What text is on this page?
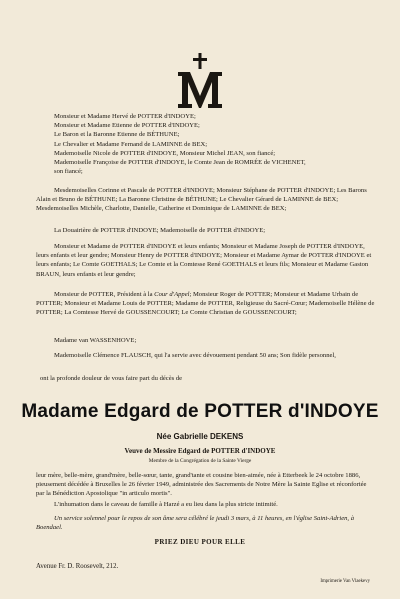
Monsieur et Madame Hervé de POTTER d'INDOYE;

Monsieur et Madame Etienne de POTTER d'INDOYE;

Le Baron et la Baronne Etienne de BÉTHUNE;

Le Chevalier et Madame Fernand de LAMINNE de BEX;

Mademoiselle Nicole de POTTER d'INDOYE, Monsieur Michel JEAN, son fiancé;

Mademoiselle Françoise de POTTER d'INDOYE, le Comte Jean de ROMRÉE de VICHENET, son fiancé;

Mesdemoiselles Corinne et Pascale de POTTER d'INDOYE; Monsieur Stéphane de POTTER d'INDOYE; Les Barons Alain et Bruno de BÉTHUNE; La Baronne Christine de BÉTHUNE; Le Chevalier Gérard de LAMINNE de BEX; Mesdemoiselles Michèle, Charlotte, Danielle, Catherine et Dominique de LAMINNE de BEX;

La Douairière de POTTER d'INDOYE; Mademoiselle de POTTER d'INDOYE;

Monsieur et Madame de POTTER d'INDOYE et leurs enfants; Monsieur et Madame Joseph de POTTER d'INDOYE, leurs enfants et leur gendre; Monsieur Henry de POTTER d'INDOYE; Monsieur et Madame Aymar de POTTER d'INDOYE et leurs enfants; Le Comte GOETHALS; Le Comte et la Comtesse René GOETHALS et leurs fils; Monsieur et Madame Gaston BRAUN, leurs enfants et leur gendre;

Monsieur de POTTER, Président à la Cour d'Appel; Monsieur Roger de POTTER; Monsieur et Madame Urbain de POTTER; Monsieur et Madame Louis de POTTER; Madame de POTTER, Religieuse du Sacré-Cœur; Mademoiselle Hélène de POTTER; La Comtesse Hervé de GOUSSENCOURT; Le Comte Christian de GOUSSENCOURT;

Madame van WASSENHOVE;

Mademoiselle Clémence FLAUSCH, qui l'a servie avec dévouement pendant 50 ans; Son fidèle personnel,

ont la profonde douleur de vous faire part du décès de

Madame Edgard de POTTER d'INDOYE
Née Gabrielle DEKENS
Veuve de Messire Edgard de POTTER d'INDOYE
Membre de la Congrégation de la Sainte Vierge

leur mère, belle-mère, grand'mère, belle-sœur, tante, grand'tante et cousine bien-aimée, née à Etterbeek le 24 octobre 1886, pieusement décédée à Bruxelles le 26 février 1949, administrée des Sacrements de Notre Mère la Sainte Eglise et réconfortée par la Bénédiction Apostolique "in articulo mortis".

L'inhumation dans le caveau de famille à Harzé a eu lieu dans la plus stricte intimité.

Un service solennel pour le repos de son âme sera célébré le jeudi 3 mars, à 11 heures, en l'église Saint-Adrien, à Boendael.

PRIEZ DIEU POUR ELLE
Avenue Fr. D. Roosevelt, 212.
Imprimerie Van Vlaekevy
